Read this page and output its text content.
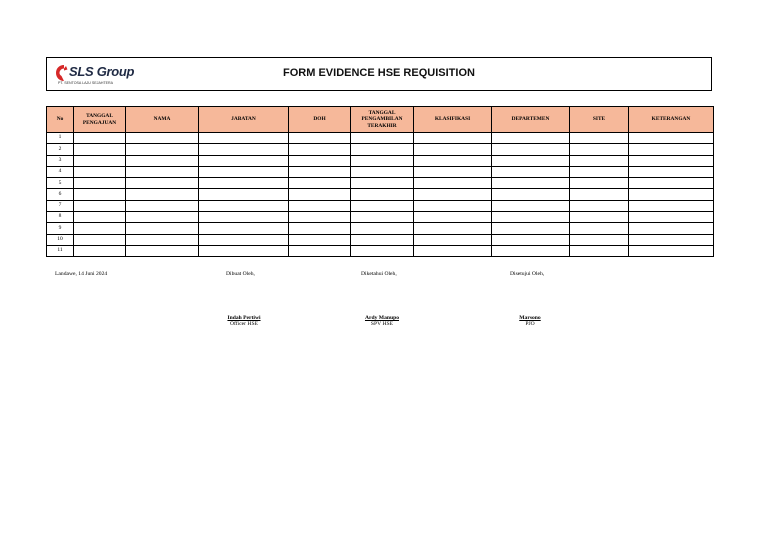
SLS Group
PT. SENTOSA LAJU SEJAHTERA
FORM EVIDENCE HSE REQUISITION
No	TANGGAL PENGAJUAN	NAMA	JABATAN	DOH	TANGGAL PENGAMBILAN TERAKHIR	KLASIFIKASI	DEPARTEMEN	SITE	KETERANGAN
1									
2									
3									
4									
5									
6									
7									
8									
9									
10									
11									
Landawe, 14 Juni 2024	Dibuat Oleh,	Diketahui Oleh,	Disetujui Oleh,
Indah Pertiwi
Officer HSE
Ardy Manupo
SPV HSE
Marsono
PJO
